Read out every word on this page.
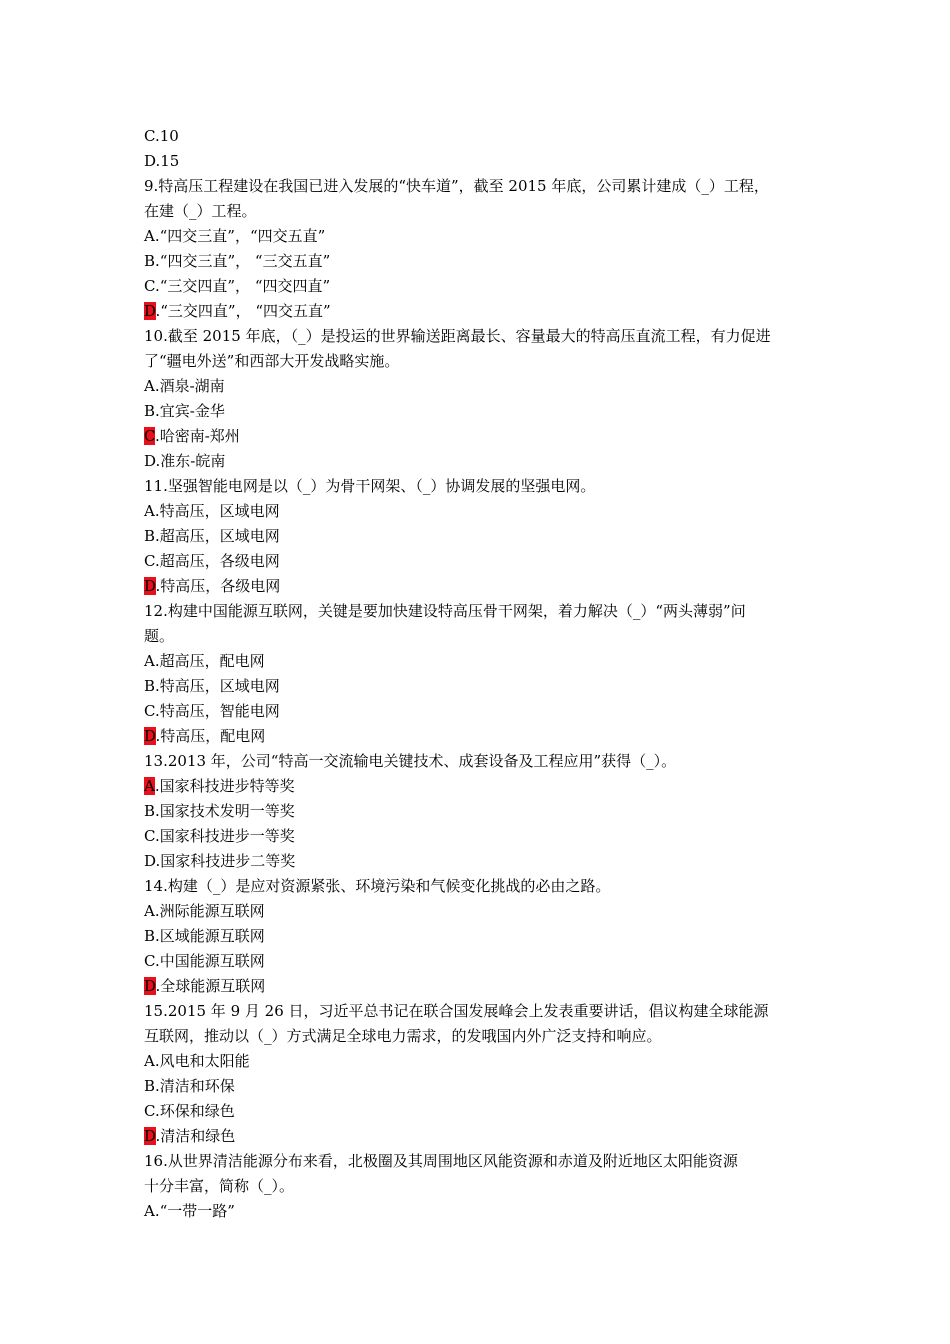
C.10
D.15
9.特高压工程建设在我国已进入发展的“快车道”，截至 2015 年底，公司累计建成（_）工程，
在建（_）工程。
A.“四交三直”，“四交五直”
B.“四交三直”， “三交五直”
C.“三交四直”， “四交四直”
D.“三交四直”， “四交五直”
10.截至 2015 年底，（_）是投运的世界输送距离最长、容量最大的特高压直流工程，有力促进
了“疆电外送”和西部大开发战略实施。
A.酒泉-湖南
B.宜宾-金华
C.哈密南-郑州
D.准东-皖南
11.坚强智能电网是以（_）为骨干网架、（_）协调发展的坚强电网。
A.特高压，区域电网
B.超高压，区域电网
C.超高压，各级电网
D.特高压，各级电网
12.构建中国能源互联网，关键是要加快建设特高压骨干网架，着力解决（_）“两头薄弱”问
题。
A.超高压，配电网
B.特高压，区域电网
C.特高压，智能电网
D.特高压，配电网
13.2013 年，公司“特高一交流输电关键技术、成套设备及工程应用”获得（_）。
A.国家科技进步特等奖
B.国家技术发明一等奖
C.国家科技进步一等奖
D.国家科技进步二等奖
14.构建（_）是应对资源紧张、环境污染和气候变化挑战的必由之路。
A.洲际能源互联网
B.区域能源互联网
C.中国能源互联网
D.全球能源互联网
15.2015 年 9 月 26 日，习近平总书记在联合国发展峰会上发表重要讲话，倡议构建全球能源
互联网，推动以（_）方式满足全球电力需求，的发哦国内外广泛支持和响应。
A.风电和太阳能
B.清洁和环保
C.环保和绿色
D.清洁和绿色
16.从世界清洁能源分布来看，北极圈及其周围地区风能资源和赤道及附近地区太阳能资源
十分丰富，简称（_）。
A.“一带一路”
